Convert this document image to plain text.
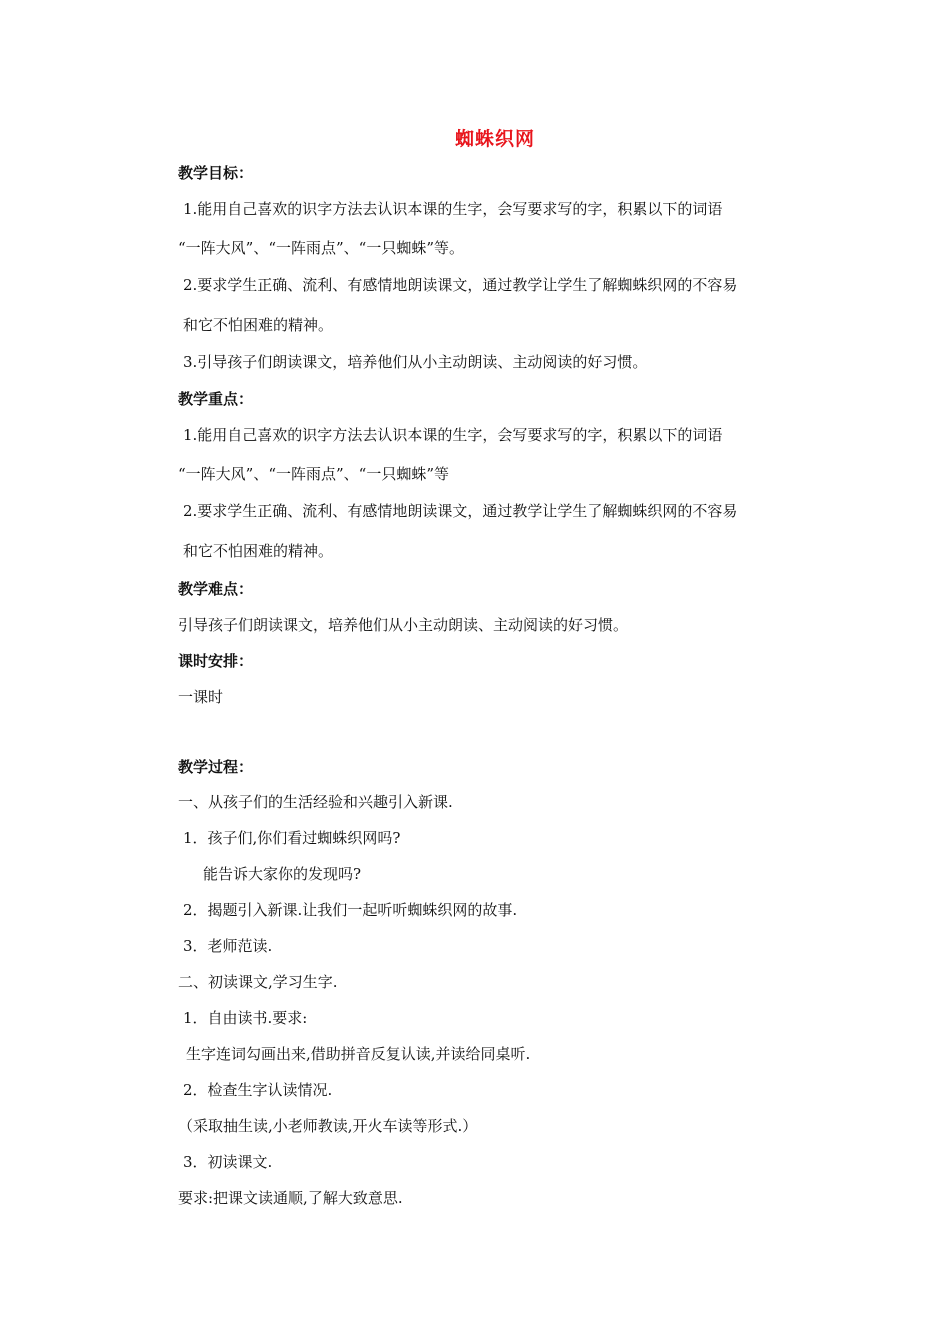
蜘蛛织网
教学目标：
1.能用自己喜欢的识字方法去认识本课的生字，会写要求写的字，积累以下的词语
“一阵大风”、“一阵雨点”、“一只蜘蛛”等。
2.要求学生正确、流利、有感情地朗读课文，通过教学让学生了解蜘蛛织网的不容易
和它不怕困难的精神。
3.引导孩子们朗读课文，培养他们从小主动朗读、主动阅读的好习惯。
教学重点：
1.能用自己喜欢的识字方法去认识本课的生字，会写要求写的字，积累以下的词语
“一阵大风”、“一阵雨点”、“一只蜘蛛”等
2.要求学生正确、流利、有感情地朗读课文，通过教学让学生了解蜘蛛织网的不容易
和它不怕困难的精神。
教学难点：
引导孩子们朗读课文，培养他们从小主动朗读、主动阅读的好习惯。
课时安排：
一课时
教学过程：
一、从孩子们的生活经验和兴趣引入新课.
1．孩子们,你们看过蜘蛛织网吗?
能告诉大家你的发现吗?
2．揭题引入新课.让我们一起听听蜘蛛织网的故事.
3．老师范读.
二、初读课文,学习生字.
1．自由读书.要求:
生字连词勾画出来,借助拼音反复认读,并读给同桌听.
2．检查生字认读情况.
（采取抽生读,小老师教读,开火车读等形式.）
3．初读课文.
要求:把课文读通顺,了解大致意思.
